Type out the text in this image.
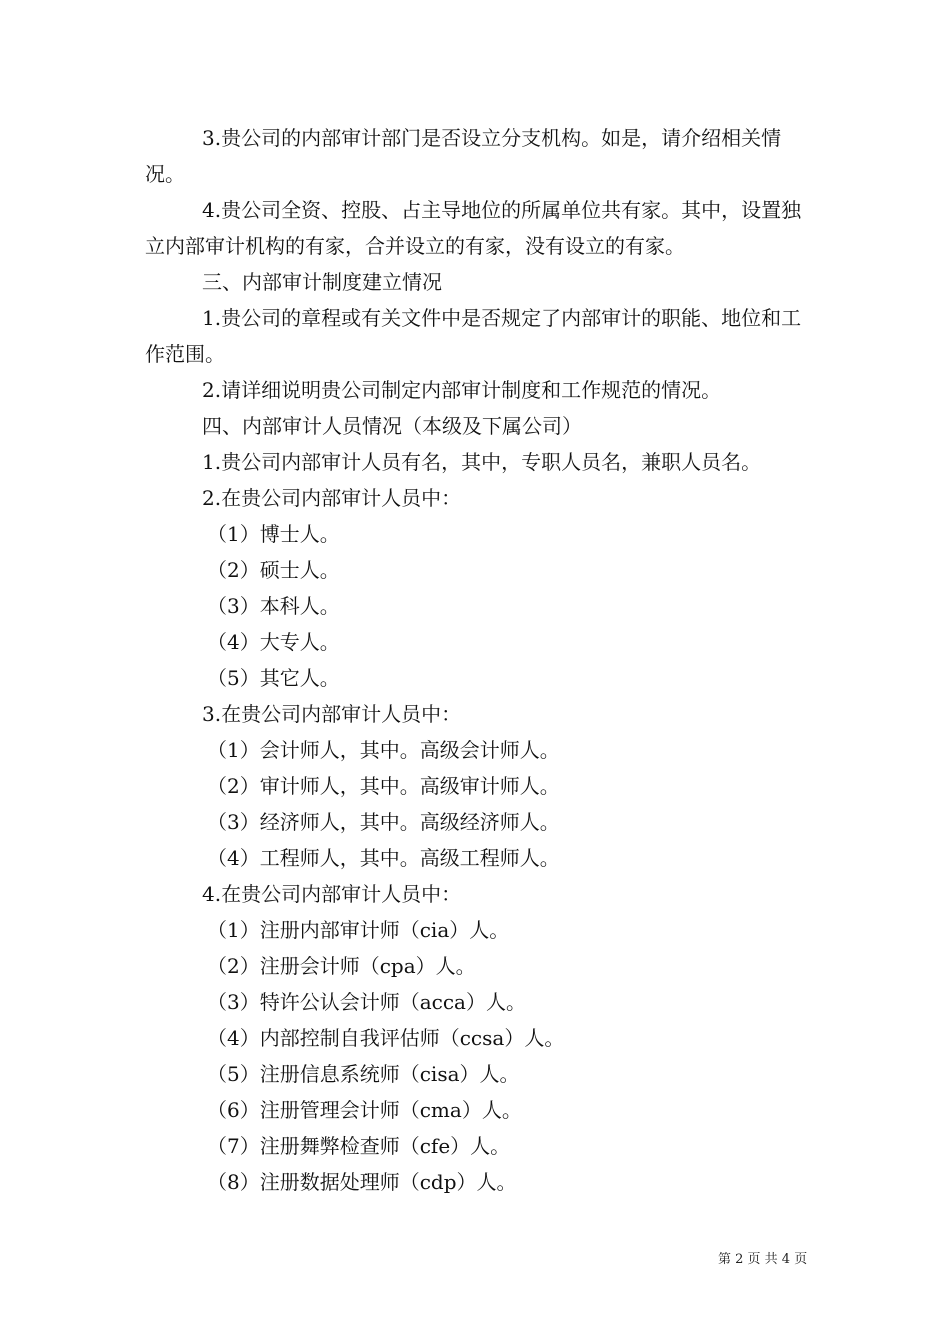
3.贵公司的内部审计部门是否设立分支机构。如是，请介绍相关情况。

4.贵公司全资、控股、占主导地位的所属单位共有家。其中，设置独立内部审计机构的有家，合并设立的有家，没有设立的有家。

三、内部审计制度建立情况

1.贵公司的章程或有关文件中是否规定了内部审计的职能、地位和工作范围。

2.请详细说明贵公司制定内部审计制度和工作规范的情况。

四、内部审计人员情况（本级及下属公司）

1.贵公司内部审计人员有名，其中，专职人员名，兼职人员名。

2.在贵公司内部审计人员中：

（1）博士人。

（2）硕士人。

（3）本科人。

（4）大专人。

（5）其它人。

3.在贵公司内部审计人员中：

（1）会计师人，其中。高级会计师人。

（2）审计师人，其中。高级审计师人。

（3）经济师人，其中。高级经济师人。

（4）工程师人，其中。高级工程师人。

4.在贵公司内部审计人员中：

（1）注册内部审计师（cia）人。

（2）注册会计师（cpa）人。

（3）特许公认会计师（acca）人。

（4）内部控制自我评估师（ccsa）人。

（5）注册信息系统师（cisa）人。

（6）注册管理会计师（cma）人。

（7）注册舞弊检查师（cfe）人。

（8）注册数据处理师（cdp）人。

第 2 页 共 4 页
